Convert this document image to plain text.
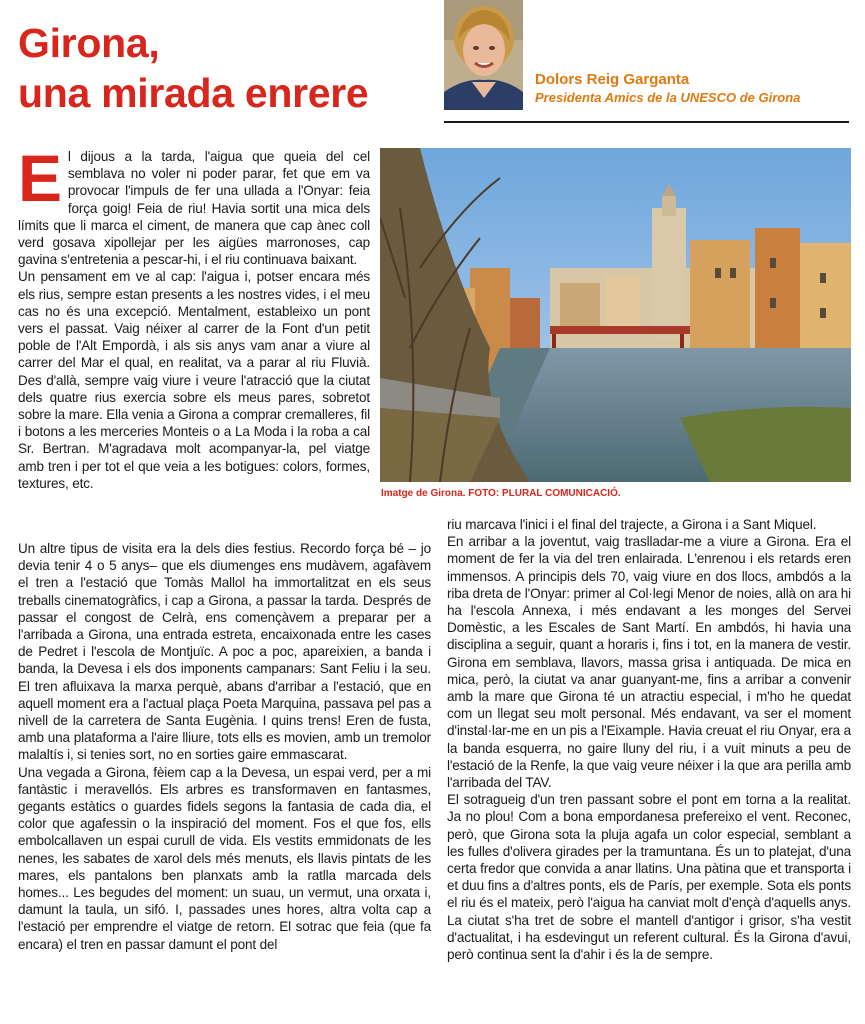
Girona,
una mirada enrere	Dolors Reig Garganta
Presidenta Amics de la UNESCO de Girona
Imatge de Girona. FOTO: PLURAL COMUNICACIÓ.

E l dijous a la tarda, l'aigua que queia del cel semblava no voler ni poder parar, fet que em va provocar l'impuls de fer una ullada a l'Onyar: feia força goig! Feia de riu! Havia sortit una mica dels límits que li marca el ciment, de manera que cap ànec coll verd gosava xipollejar per les aigües marronoses, cap gavina s'entretenia a pescar-hi, i el riu continuava baixant.

Un pensament em ve al cap: l'aigua i, potser encara més els rius, sempre estan presents a les nostres vides, i el meu cas no és una excepció. Mentalment, estableixo un pont vers el passat. Vaig néixer al carrer de la Font d'un petit poble de l'Alt Empordà, i als sis anys vam anar a viure al carrer del Mar el qual, en realitat, va a parar al riu Fluvià. Des d'allà, sempre vaig viure i veure l'atracció que la ciutat dels quatre rius exercia sobre els meus pares, sobretot sobre la mare. Ella venia a Girona a comprar cremalleres, fil i botons a les merceries Monteis o a La Moda i la roba a cal Sr. Bertran. M'agradava molt acompanyar-la, pel viatge amb tren i per tot el que veia a les botigues: colors, formes, textures, etc.

Un altre tipus de visita era la dels dies festius. Recordo força bé – jo devia tenir 4 o 5 anys– que els diumenges ens mudàvem, agafàvem el tren a l'estació que Tomàs Mallol ha immortalitzat en els seus treballs cinematogràfics, i cap a Girona, a passar la tarda. Després de passar el congost de Celrà, ens començàvem a preparar per a l'arribada a Girona, una entrada estreta, encaixonada entre les cases de Pedret i l'escola de Montjuïc. A poc a poc, apareixien, a banda i banda, la Devesa i els dos imponents campanars: Sant Feliu i la seu. El tren afluixava la marxa perquè, abans d'arribar a l'estació, que en aquell moment era a l'actual plaça Poeta Marquina, passava pel pas a nivell de la carretera de Santa Eugènia. I quins trens! Eren de fusta, amb una plataforma a l'aire lliure, tots ells es movien, amb un tremolor malaltís i, si tenies sort, no en sorties gaire emmascarat.

Una vegada a Girona, fèiem cap a la Devesa, un espai verd, per a mi fantàstic i meravellós. Els arbres es transformaven en fantasmes, gegants estàtics o guardes fidels segons la fantasia de cada dia, el color que agafessin o la inspiració del moment. Fos el que fos, ells embolcallaven un espai curull de vida. Els vestits emmidonats de les nenes, les sabates de xarol dels més menuts, els llavis pintats de les mares, els pantalons ben planxats amb la ratlla marcada dels homes... Les begudes del moment: un suau, un vermut, una orxata i, damunt la taula, un sifó. I, passades unes hores, altra volta cap a l'estació per emprendre el viatge de retorn. El sotrac que feia (que fa encara) el tren en passar damunt el pont del

riu marcava l'inici i el final del trajecte, a Girona i a Sant Miquel.

En arribar a la joventut, vaig traslladar-me a viure a Girona. Era el moment de fer la via del tren enlairada. L'enrenou i els retards eren immensos. A principis dels 70, vaig viure en dos llocs, ambdós a la riba dreta de l'Onyar: primer al Col·legi Menor de noies, allà on ara hi ha l'escola Annexa, i més endavant a les monges del Servei Domèstic, a les Escales de Sant Martí. En ambdós, hi havia una disciplina a seguir, quant a horaris i, fins i tot, en la manera de vestir. Girona em semblava, llavors, massa grisa i antiquada. De mica en mica, però, la ciutat va anar guanyant-me, fins a arribar a convenir amb la mare que Girona té un atractiu especial, i m'ho he quedat com un llegat seu molt personal. Més endavant, va ser el moment d'instal·lar-me en un pis a l'Eixample. Havia creuat el riu Onyar, era a la banda esquerra, no gaire lluny del riu, i a vuit minuts a peu de l'estació de la Renfe, la que vaig veure néixer i la que ara perilla amb l'arribada del TAV.

El sotragueig d'un tren passant sobre el pont em torna a la realitat. Ja no plou! Com a bona empordanesa prefereixo el vent. Reconec, però, que Girona sota la pluja agafa un color especial, semblant a les fulles d'olivera girades per la tramuntana. És un to platejat, d'una certa fredor que convida a anar llatins. Una pàtina que et transporta i et duu fins a d'altres ponts, els de París, per exemple. Sota els ponts el riu és el mateix, però l'aigua ha canviat molt d'ençà d'aquells anys. La ciutat s'ha tret de sobre el mantell d'antigor i grisor, s'ha vestit d'actualitat, i ha esdevingut un referent cultural. És la Girona d'avui, però continua sent la d'ahir i és la de sempre.
